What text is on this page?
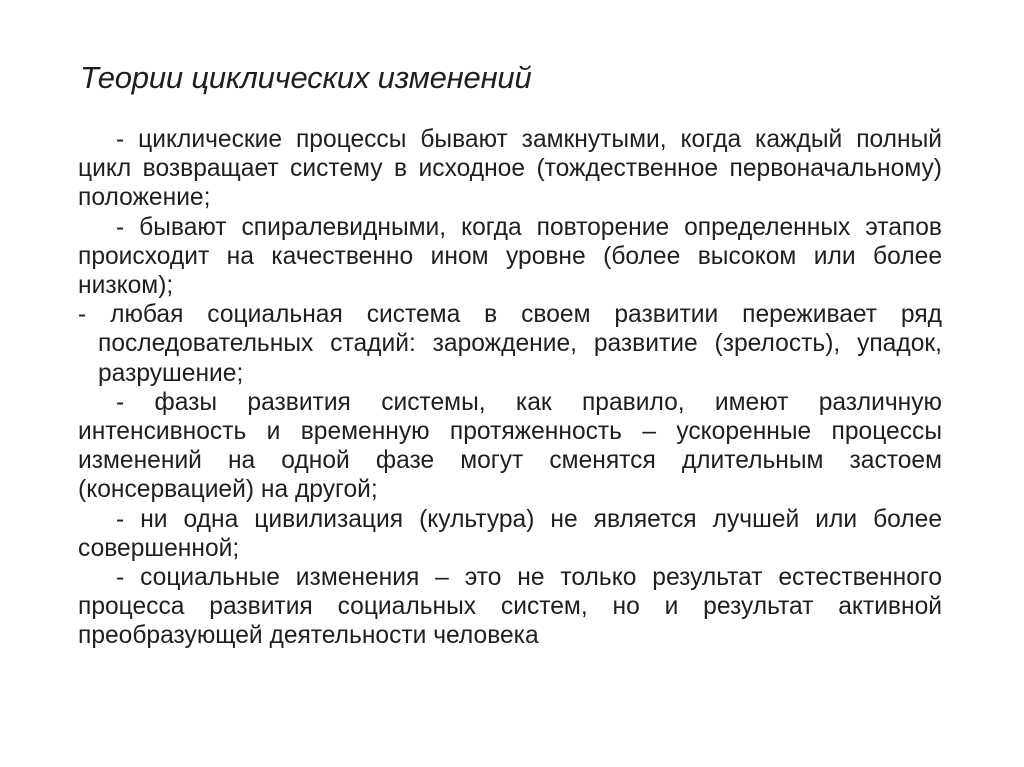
Теории циклических изменений

- циклические процессы бывают замкнутыми, когда каждый полный цикл возвращает систему в исходное (тождественное первоначальному) положение;

- бывают спиралевидными, когда повторение определенных этапов происходит на качественно ином уровне (более высоком или более низком);

- любая социальная система в своем развитии переживает ряд последовательных стадий: зарождение, развитие (зрелость), упадок, разрушение;

- фазы развития системы, как правило, имеют различную интенсивность и временную протяженность – ускоренные процессы изменений на одной фазе могут сменятся длительным застоем (консервацией) на другой;

- ни одна цивилизация (культура) не является лучшей или более совершенной;

- социальные изменения – это не только результат естественного процесса развития социальных систем, но и результат активной преобразующей деятельности человека
